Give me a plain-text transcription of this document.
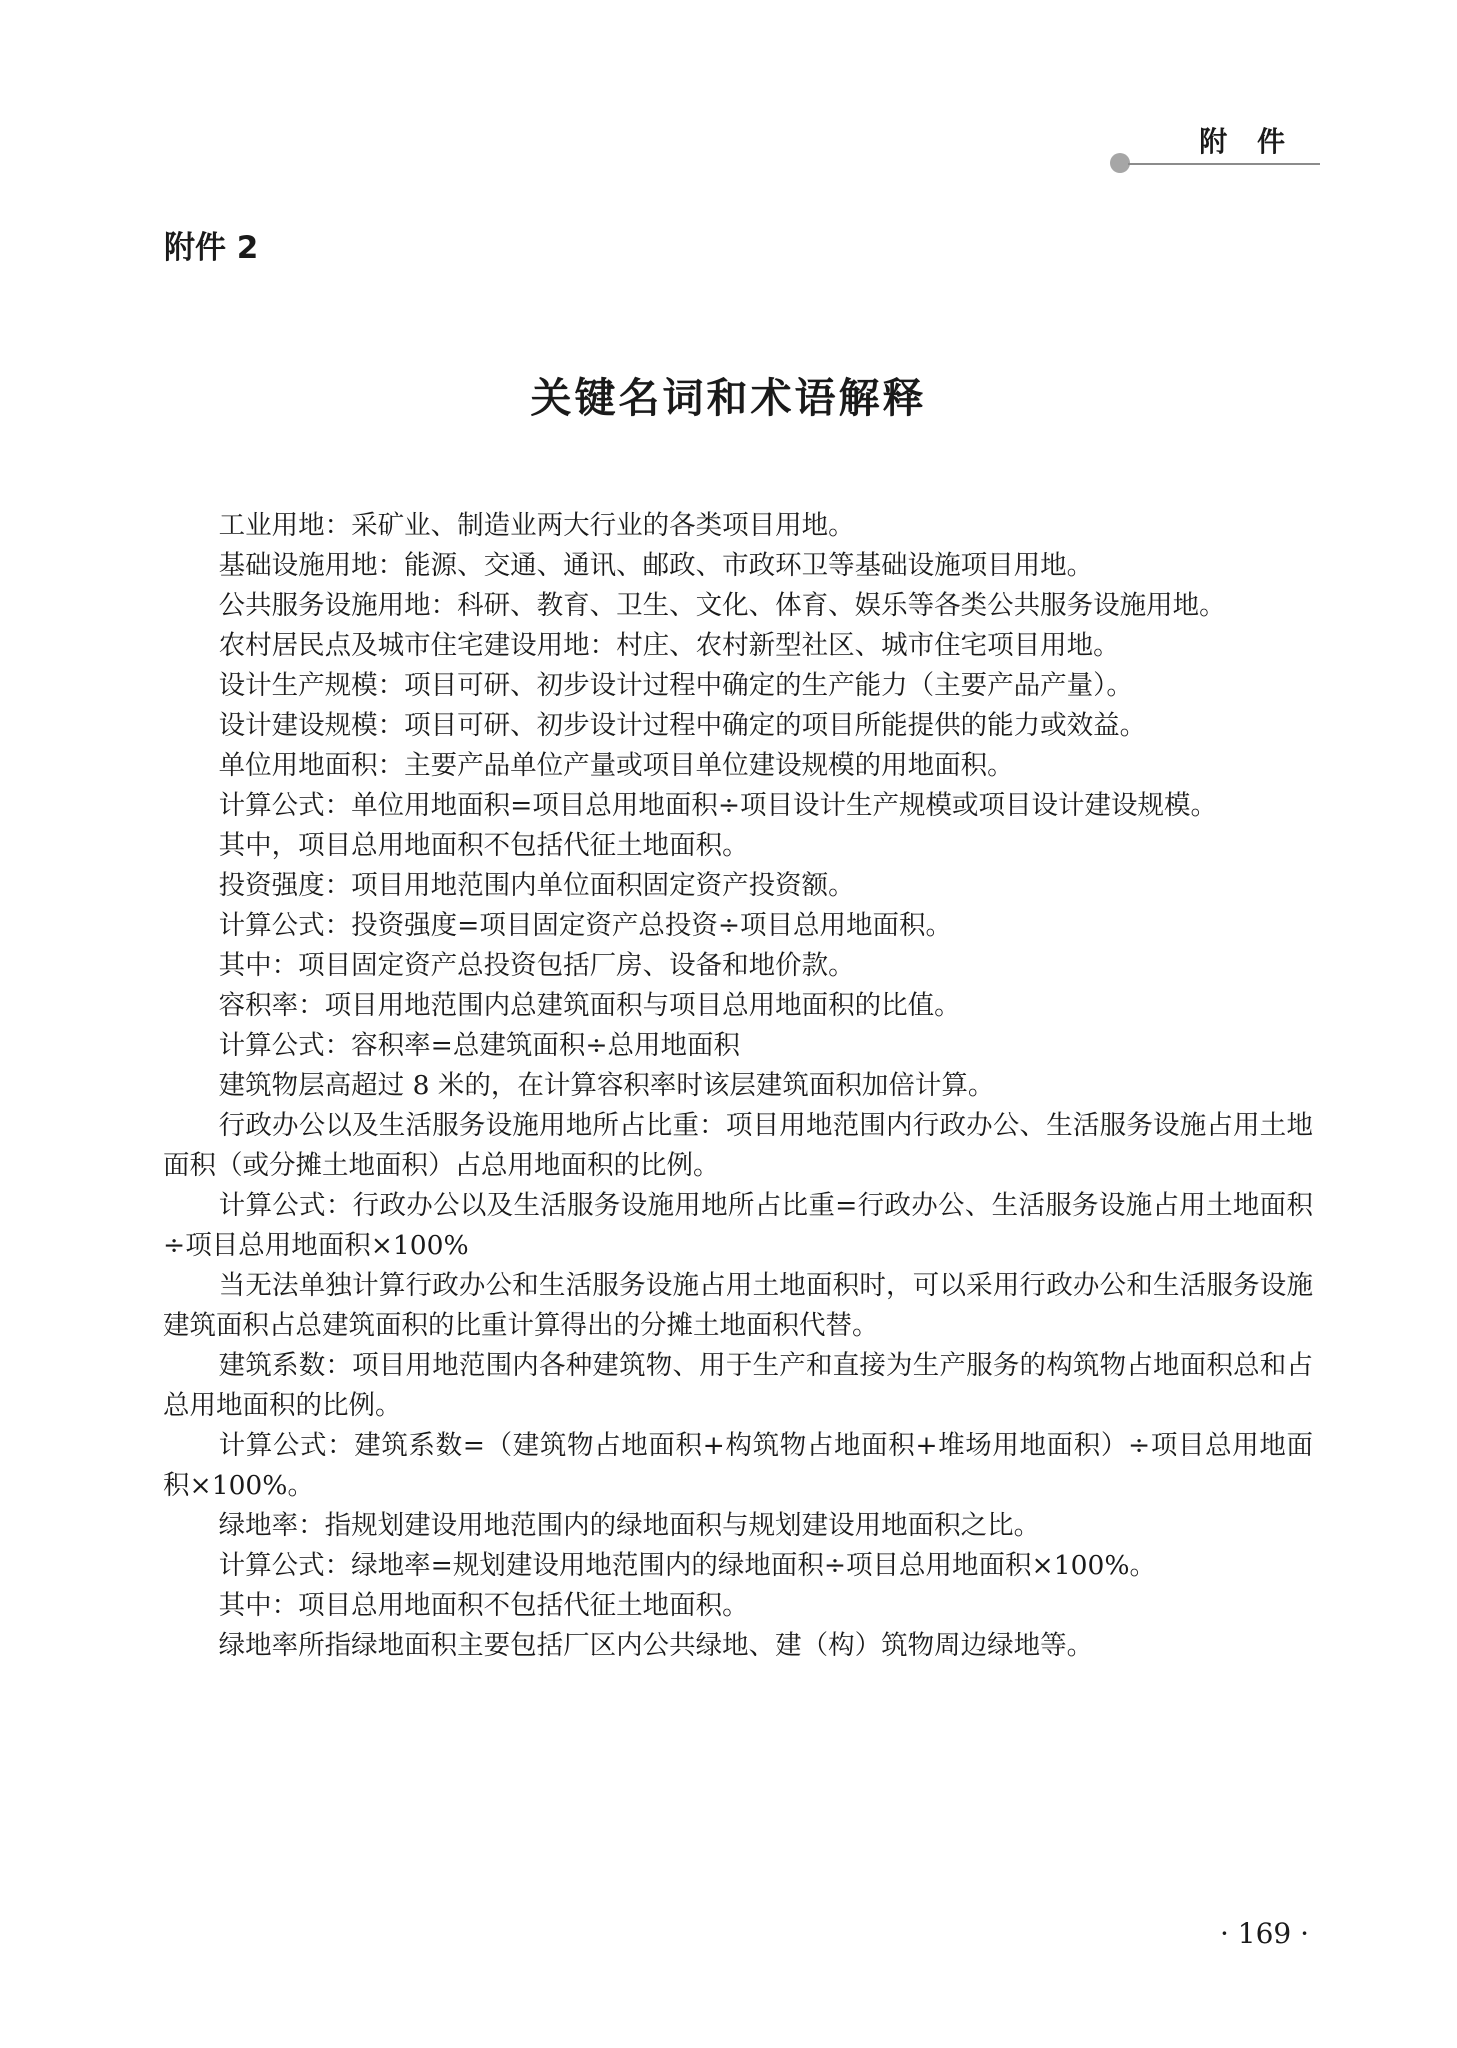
附 件
附件 2
关键名词和术语解释

工业用地：采矿业、制造业两大行业的各类项目用地。

基础设施用地：能源、交通、通讯、邮政、市政环卫等基础设施项目用地。

公共服务设施用地：科研、教育、卫生、文化、体育、娱乐等各类公共服务设施用地。

农村居民点及城市住宅建设用地：村庄、农村新型社区、城市住宅项目用地。

设计生产规模：项目可研、初步设计过程中确定的生产能力（主要产品产量）。

设计建设规模：项目可研、初步设计过程中确定的项目所能提供的能力或效益。

单位用地面积：主要产品单位产量或项目单位建设规模的用地面积。

计算公式：单位用地面积=项目总用地面积÷项目设计生产规模或项目设计建设规模。

其中，项目总用地面积不包括代征土地面积。

投资强度：项目用地范围内单位面积固定资产投资额。

计算公式：投资强度=项目固定资产总投资÷项目总用地面积。

其中：项目固定资产总投资包括厂房、设备和地价款。

容积率：项目用地范围内总建筑面积与项目总用地面积的比值。

计算公式：容积率=总建筑面积÷总用地面积

建筑物层高超过 8 米的，在计算容积率时该层建筑面积加倍计算。

行政办公以及生活服务设施用地所占比重：项目用地范围内行政办公、生活服务设施占用土地面积（或分摊土地面积）占总用地面积的比例。

计算公式：行政办公以及生活服务设施用地所占比重=行政办公、生活服务设施占用土地面积÷项目总用地面积×100%

当无法单独计算行政办公和生活服务设施占用土地面积时，可以采用行政办公和生活服务设施建筑面积占总建筑面积的比重计算得出的分摊土地面积代替。

建筑系数：项目用地范围内各种建筑物、用于生产和直接为生产服务的构筑物占地面积总和占总用地面积的比例。

计算公式：建筑系数=（建筑物占地面积+构筑物占地面积+堆场用地面积）÷项目总用地面积×100%。

绿地率：指规划建设用地范围内的绿地面积与规划建设用地面积之比。

计算公式：绿地率=规划建设用地范围内的绿地面积÷项目总用地面积×100%。

其中：项目总用地面积不包括代征土地面积。

绿地率所指绿地面积主要包括厂区内公共绿地、建（构）筑物周边绿地等。

· 169 ·
